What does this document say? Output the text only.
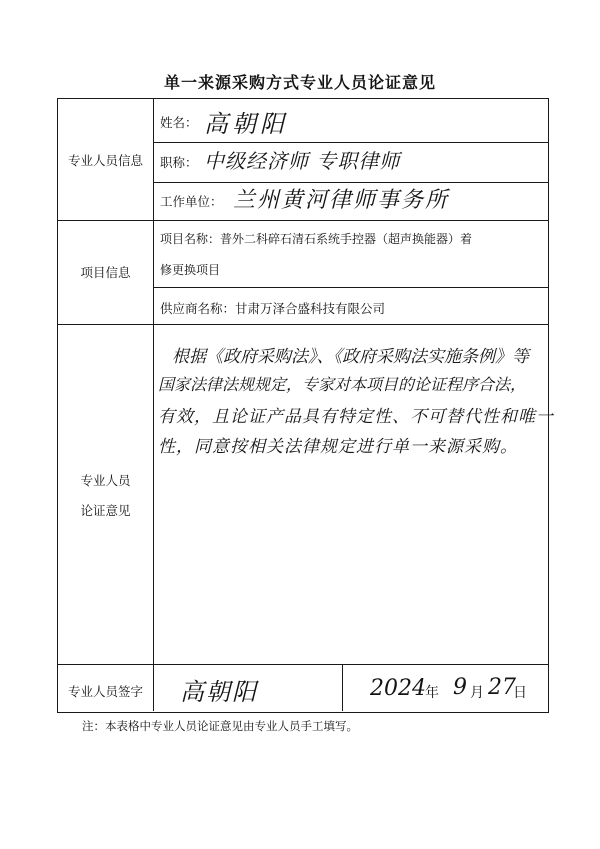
单一来源采购方式专业人员论证意见
专业人员信息
姓名： 高朝阳
职称： 中级经济师 专职律师
工作单位： 兰州黄河律师事务所
项目信息
项目名称：普外二科碎石清石系统手控器（超声换能器）着
修更换项目
供应商名称：甘肃万泽合盛科技有限公司
专业人员
论证意见
根据《政府采购法》、《政府采购法实施条例》等
国家法律法规规定，专家对本项目的论证程序合法，
有效，且论证产品具有特定性、不可替代性和唯一
性，同意按相关法律规定进行单一来源采购。
专业人员签字	高朝阳	2024 年 9 月 27
日
注：本表格中专业人员论证意见由专业人员手工填写。
